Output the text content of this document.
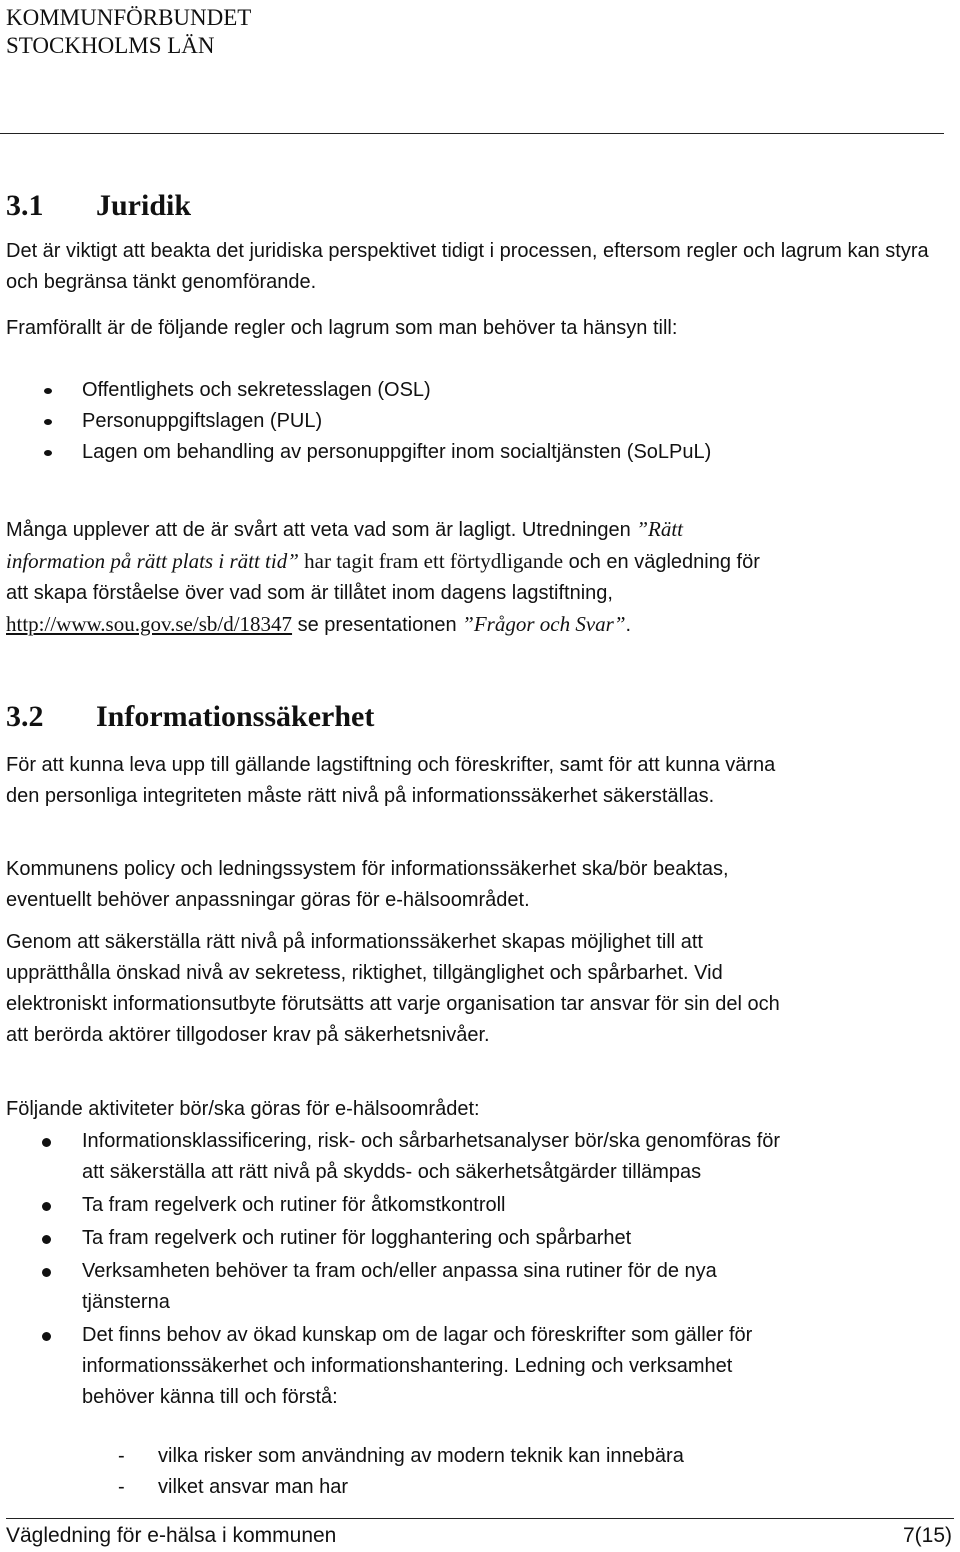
KOMMUNFÖRBUNDET
STOCKHOLMS LÄN
3.1 Juridik

Det är viktigt att beakta det juridiska perspektivet tidigt i processen, eftersom regler och lagrum kan styra och begränsa tänkt genomförande.

Framförallt är de följande regler och lagrum som man behöver ta hänsyn till:

Offentlighets och sekretesslagen (OSL)
Personuppgiftslagen (PUL)
Lagen om behandling av personuppgifter inom socialtjänsten (SoLPuL)

Många upplever att de är svårt att veta vad som är lagligt. Utredningen ”Rätt information på rätt plats i rätt tid” har tagit fram ett förtydligande och en vägledning för att skapa förståelse över vad som är tillåtet inom dagens lagstiftning, http://www.sou.gov.se/sb/d/18347 se presentationen ”Frågor och Svar”.

3.2 Informationssäkerhet

För att kunna leva upp till gällande lagstiftning och föreskrifter, samt för att kunna värna den personliga integriteten måste rätt nivå på informationssäkerhet säkerställas.

Kommunens policy och ledningssystem för informationssäkerhet ska/bör beaktas, eventuellt behöver anpassningar göras för e-hälsoområdet.

Genom att säkerställa rätt nivå på informationssäkerhet skapas möjlighet till att upprätthålla önskad nivå av sekretess, riktighet, tillgänglighet och spårbarhet. Vid elektroniskt informationsutbyte förutsätts att varje organisation tar ansvar för sin del och att berörda aktörer tillgodoser krav på säkerhetsnivåer.

Följande aktiviteter bör/ska göras för e-hälsoområdet:

Informationsklassificering, risk- och sårbarhetsanalyser bör/ska genomföras för att säkerställa att rätt nivå på skydds- och säkerhetsåtgärder tillämpas
Ta fram regelverk och rutiner för åtkomstkontroll
Ta fram regelverk och rutiner för logghantering och spårbarhet
Verksamheten behöver ta fram och/eller anpassa sina rutiner för de nya tjänsterna
Det finns behov av ökad kunskap om de lagar och föreskrifter som gäller för informationssäkerhet och informationshantering. Ledning och verksamhet behöver känna till och förstå:
- vilka risker som användning av modern teknik kan innebära
- vilket ansvar man har
Vägledning för e-hälsa i kommunen	7(15)
